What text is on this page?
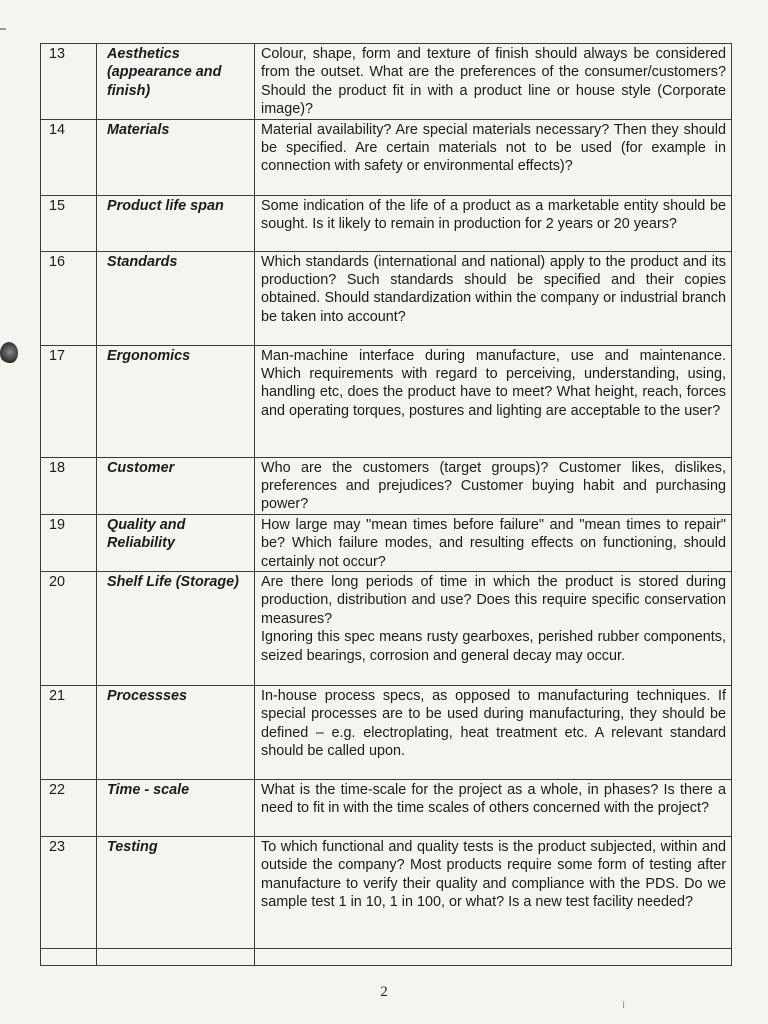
13	Aesthetics (appearance and finish)	Colour, shape, form and texture of finish should always be considered from the outset. What are the preferences of the consumer/customers? Should the product fit in with a product line or house style (Corporate image)?
14	Materials	Material availability? Are special materials necessary? Then they should be specified. Are certain materials not to be used (for example in connection with safety or environmental effects)?
15	Product life span	Some indication of the life of a product as a marketable entity should be sought. Is it likely to remain in production for 2 years or 20 years?
16	Standards	Which standards (international and national) apply to the product and its production? Such standards should be specified and their copies obtained. Should standardization within the company or industrial branch be taken into account?
17	Ergonomics	Man-machine interface during manufacture, use and maintenance. Which requirements with regard to perceiving, understanding, using, handling etc, does the product have to meet? What height, reach, forces and operating torques, postures and lighting are acceptable to the user?
18	Customer	Who are the customers (target groups)? Customer likes, dislikes, preferences and prejudices? Customer buying habit and purchasing power?
19	Quality and Reliability	How large may "mean times before failure" and "mean times to repair" be? Which failure modes, and resulting effects on functioning, should certainly not occur?
20	Shelf Life (Storage)	Are there long periods of time in which the product is stored during production, distribution and use? Does this require specific conservation measures?
Ignoring this spec means rusty gearboxes, perished rubber components, seized bearings, corrosion and general decay may occur.

21	Processses	In-house process specs, as opposed to manufacturing techniques. If special processes are to be used during manufacturing, they should be defined – e.g. electroplating, heat treatment etc. A relevant standard should be called upon.
22	Time - scale	What is the time-scale for the project as a whole, in phases? Is there a need to fit in with the time scales of others concerned with the project?
23	Testing	To which functional and quality tests is the product subjected, within and outside the company? Most products require some form of testing after manufacture to verify their quality and compliance with the PDS. Do we sample test 1 in 10, 1 in 100, or what? Is a new test facility needed?

2
⁞
